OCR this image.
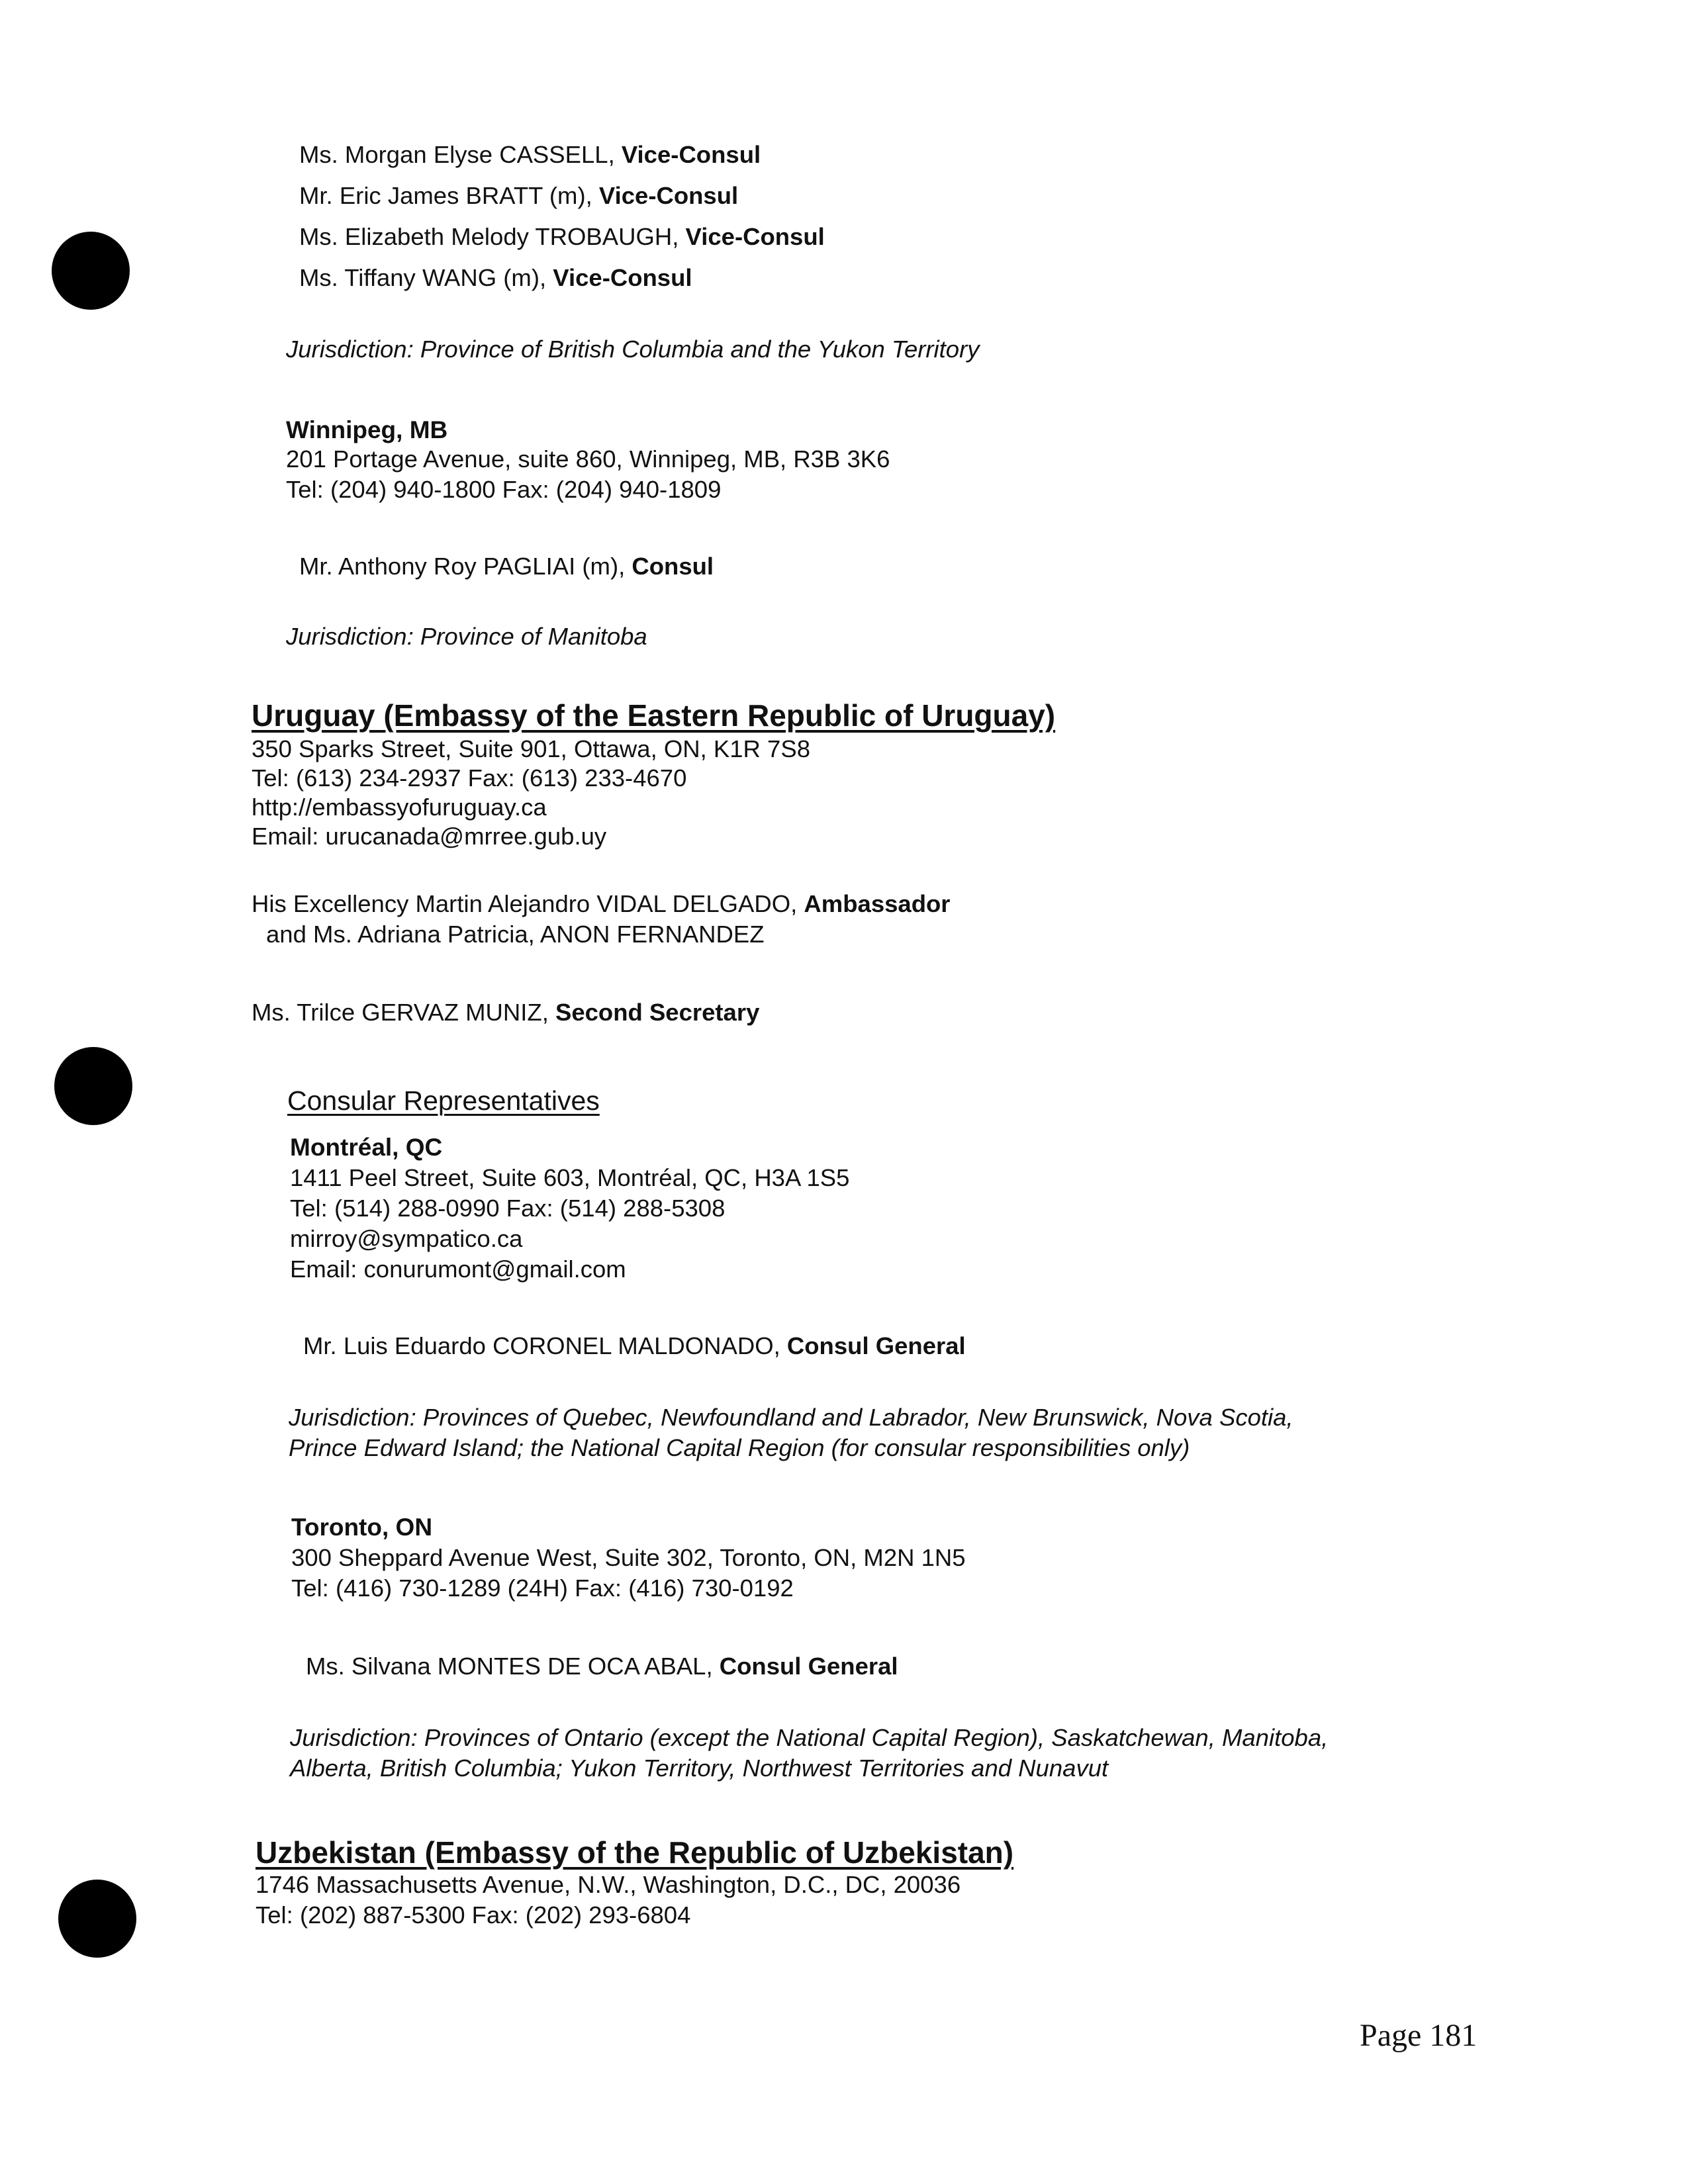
Ms. Morgan Elyse CASSELL, Vice-Consul
Mr. Eric James BRATT (m), Vice-Consul
Ms. Elizabeth Melody TROBAUGH, Vice-Consul
Ms. Tiffany WANG (m), Vice-Consul
Jurisdiction: Province of British Columbia and the Yukon Territory
Winnipeg, MB
201 Portage Avenue, suite 860, Winnipeg, MB, R3B 3K6
Tel: (204) 940-1800 Fax: (204) 940-1809
Mr. Anthony Roy PAGLIAI (m), Consul
Jurisdiction: Province of Manitoba
Uruguay (Embassy of the Eastern Republic of Uruguay)
350 Sparks Street, Suite 901, Ottawa, ON, K1R 7S8
Tel: (613) 234-2937 Fax: (613) 233-4670
http://embassyofuruguay.ca
Email: urucanada@mrree.gub.uy
His Excellency Martin Alejandro VIDAL DELGADO, Ambassador
and Ms. Adriana Patricia, ANON FERNANDEZ
Ms. Trilce GERVAZ MUNIZ, Second Secretary
Consular Representatives
Montréal, QC
1411 Peel Street, Suite 603, Montréal, QC, H3A 1S5
Tel: (514) 288-0990 Fax: (514) 288-5308
mirroy@sympatico.ca
Email: conurumont@gmail.com
Mr. Luis Eduardo CORONEL MALDONADO, Consul General
Jurisdiction: Provinces of Quebec, Newfoundland and Labrador, New Brunswick, Nova Scotia,
Prince Edward Island; the National Capital Region (for consular responsibilities only)
Toronto, ON
300 Sheppard Avenue West, Suite 302, Toronto, ON, M2N 1N5
Tel: (416) 730-1289 (24H) Fax: (416) 730-0192
Ms. Silvana MONTES DE OCA ABAL, Consul General
Jurisdiction: Provinces of Ontario (except the National Capital Region), Saskatchewan, Manitoba,
Alberta, British Columbia; Yukon Territory, Northwest Territories and Nunavut
Uzbekistan (Embassy of the Republic of Uzbekistan)
1746 Massachusetts Avenue, N.W., Washington, D.C., DC, 20036
Tel: (202) 887-5300 Fax: (202) 293-6804
Page 181
